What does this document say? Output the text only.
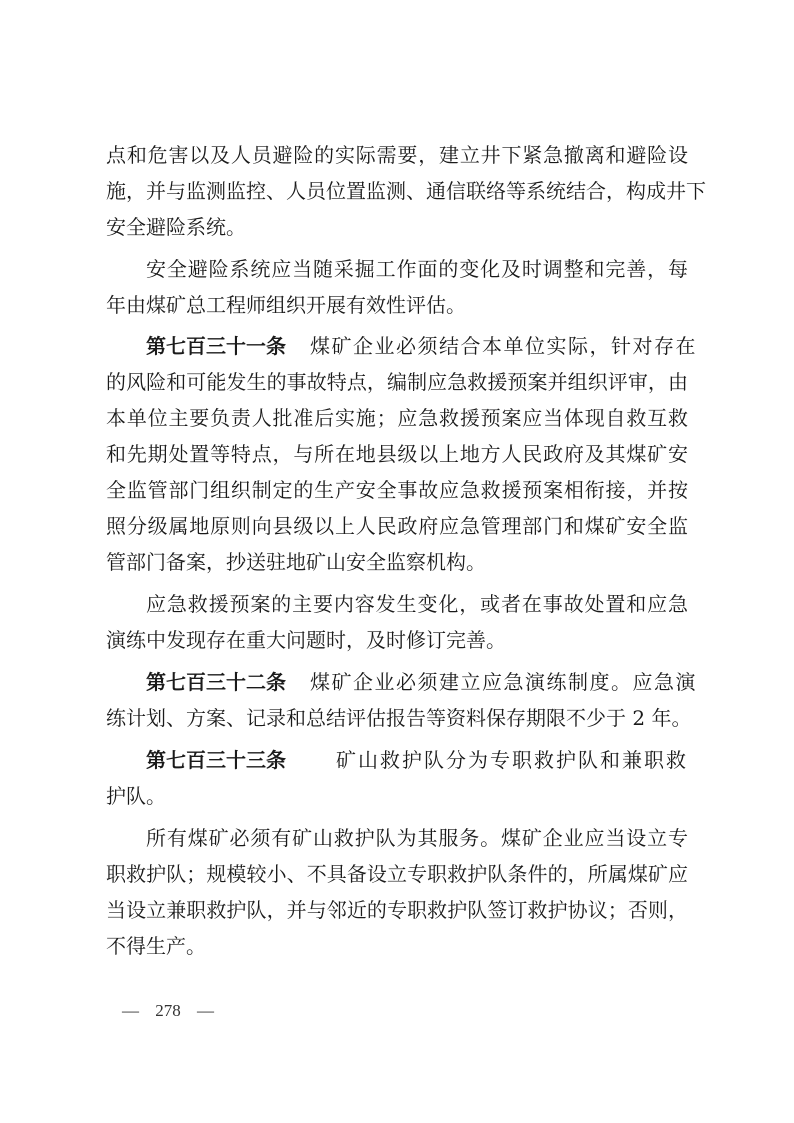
点和危害以及人员避险的实际需要，建立井下紧急撤离和避险设
施，并与监测监控、人员位置监测、通信联络等系统结合，构成井下
安全避险系统。
安全避险系统应当随采掘工作面的变化及时调整和完善，每
年由煤矿总工程师组织开展有效性评估。
第七百三十一条 煤矿企业必须结合本单位实际，针对存在
的风险和可能发生的事故特点，编制应急救援预案并组织评审，由
本单位主要负责人批准后实施；应急救援预案应当体现自救互救
和先期处置等特点，与所在地县级以上地方人民政府及其煤矿安
全监管部门组织制定的生产安全事故应急救援预案相衔接，并按
照分级属地原则向县级以上人民政府应急管理部门和煤矿安全监
管部门备案，抄送驻地矿山安全监察机构。
应急救援预案的主要内容发生变化，或者在事故处置和应急
演练中发现存在重大问题时，及时修订完善。
第七百三十二条 煤矿企业必须建立应急演练制度。应急演
练计划、方案、记录和总结评估报告等资料保存期限不少于 2 年。
第七百三十三条	矿山救护队分为专职救护队和兼职救
护队。
所有煤矿必须有矿山救护队为其服务。煤矿企业应当设立专
职救护队；规模较小、不具备设立专职救护队条件的，所属煤矿应
当设立兼职救护队，并与邻近的专职救护队签订救护协议；否则，
不得生产。
— 278 —
